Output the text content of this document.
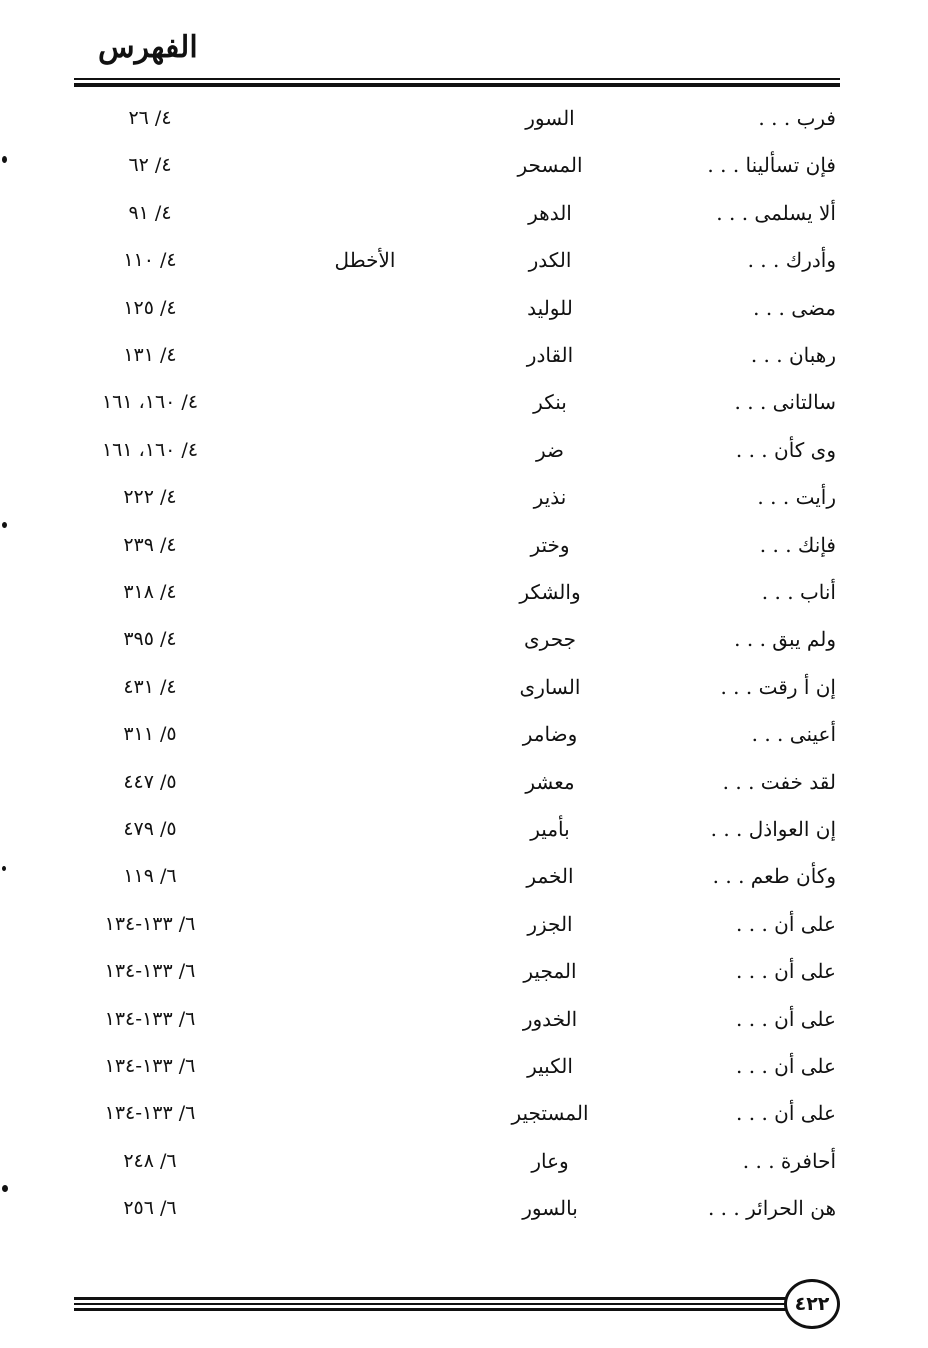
الفهرس
فرب . . .
السور
٤/ ٢٦
فإن تسألينا . . .
المسحر
٤/ ٦٢
ألا يسلمى . . .
الدهر
٤/ ٩١
وأدرك . . .
الكدر
الأخطل
٤/ ١١٠
مضى . . .
للوليد
٤/ ١٢٥
رهبان . . .
القادر
٤/ ١٣١
سالتانى . . .
بنكر
٤/ ١٦٠، ١٦١
وى كأن . . .
ضر
٤/ ١٦٠، ١٦١
رأيت . . .
نذير
٤/ ٢٢٢
فإنك . . .
وختر
٤/ ٢٣٩
أناب . . .
والشكر
٤/ ٣١٨
ولم يبق . . .
جحرى
٤/ ٣٩٥
إن أ رقت . . .
السارى
٤/ ٤٣١
أعينى . . .
وضامر
٥/ ٣١١
لقد خفت . . .
معشر
٥/ ٤٤٧
إن العواذل . . .
بأمير
٥/ ٤٧٩
وكأن طعم . . .
الخمر
٦/ ١١٩
على أن . . .
الجزر
٦/ ١٣٣-١٣٤
على أن . . .
المجير
٦/ ١٣٣-١٣٤
على أن . . .
الخدور
٦/ ١٣٣-١٣٤
على أن . . .
الكبير
٦/ ١٣٣-١٣٤
على أن . . .
المستجير
٦/ ١٣٣-١٣٤
أحافرة . . .
وعار
٦/ ٢٤٨
هن الحرائر . . .
بالسور
٦/ ٢٥٦
٤٢٢
